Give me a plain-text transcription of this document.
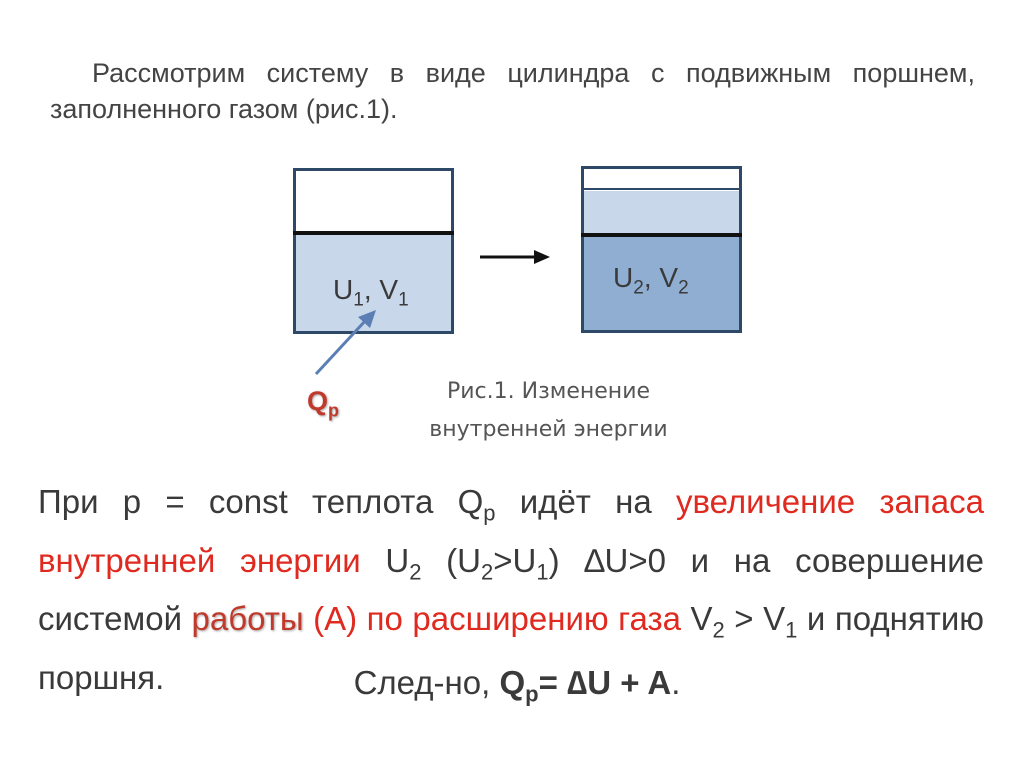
Рассмотрим систему в виде цилиндра с подвижным поршнем, заполненного газом (рис.1).
$U_1$, $V_1$
$U_2$, $V_2$
$Q_p$
Рис.1. Изменение
внутренней энергии
При p = const теплота $Q_p$ идёт на увеличение запаса внутренней энергии $U_2$ $(U_2>U_1)$ ∆U>0 и на совершение системой работы (А) по расширению газа $V_2 > V_1$ и поднятию поршня.	След-но, $Q_p= \Delta U + A$.
